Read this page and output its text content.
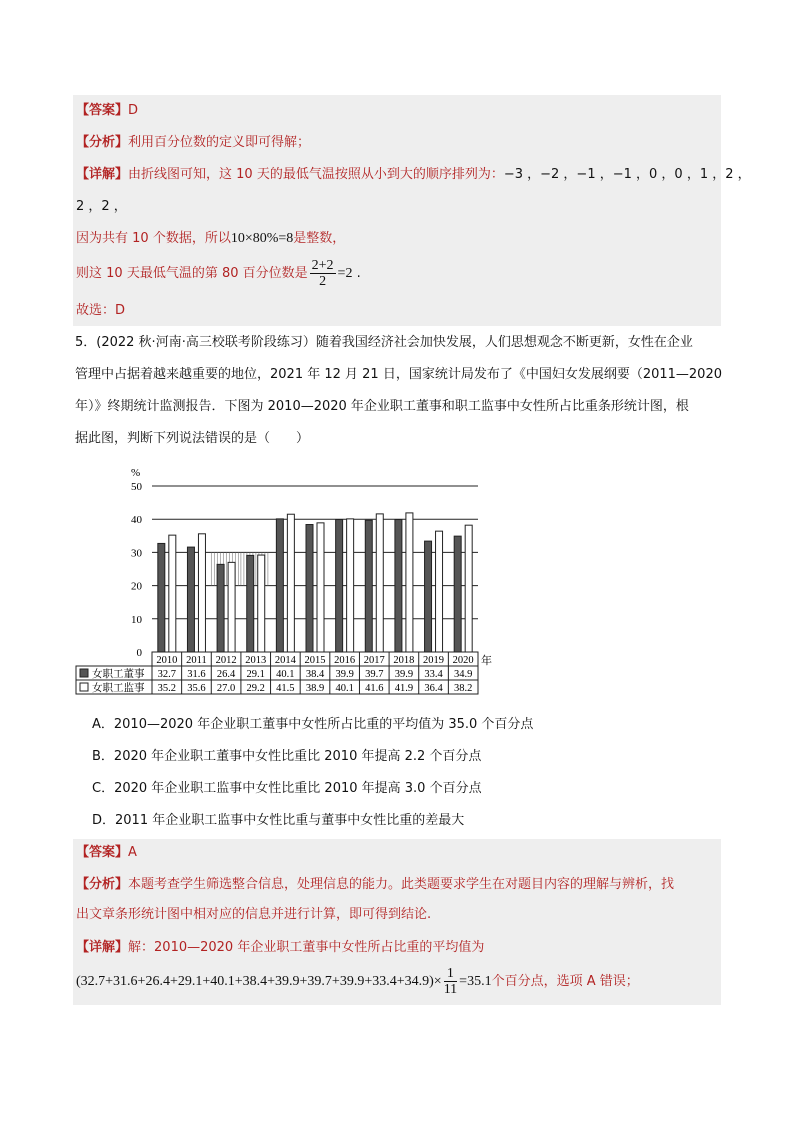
【答案】D
【分析】利用百分位数的定义即可得解；
【详解】由折线图可知，这 10 天的最低气温按照从小到大的顺序排列为：−3 ，−2 ，−1 ，−1 ，0 ，0 ，1 ，2 ，
2 ，2 ，
因为共有 10 个数据，所以10×80%=8是整数，
则这 10 天最低气温的第 80 百分位数是 $\frac{2+2}{2} =2$ .
故选：D
5．(2022 秋·河南·高三校联考阶段练习）随着我国经济社会加快发展，人们思想观念不断更新，女性在企业
管理中占据着越来越重要的地位，2021 年 12 月 21 日，国家统计局发布了《中国妇女发展纲要（2011—2020
年）》终期统计监测报告．下图为 2010—2020 年企业职工董事和职工监事中女性所占比重条形统计图，根
据此图，判断下列说法错误的是（　　）
0
10
20
30
40
50
2010 2011 2012 2013 2014 2015 2016 2017 2018 2019 2020
女职工董事 32.7 31.6 26.4 29.1 40.1 38.4 39.9 39.7 39.9 33.4 34.9
女职工监事 35.2 35.6 27.0 29.2 41.5 38.9 40.1 41.6 41.9 36.4 38.2
%
年
A．2010—2020 年企业职工董事中女性所占比重的平均值为 35.0 个百分点
B．2020 年企业职工董事中女性比重比 2010 年提高 2.2 个百分点
C．2020 年企业职工监事中女性比重比 2010 年提高 3.0 个百分点
D．2011 年企业职工监事中女性比重与董事中女性比重的差最大
【答案】A
【分析】本题考查学生筛选整合信息，处理信息的能力。此类题要求学生在对题目内容的理解与辨析，找
出文章条形统计图中相对应的信息并进行计算，即可得到结论.
【详解】解：2010—2020 年企业职工董事中女性所占比重的平均值为
$(32.7+31.6+26.4+29.1+40.1+38.4+39.9+39.7+39.9+33.4+34.9)\times \frac{1}{11} =35.1$个百分点，选项 A 错误；
